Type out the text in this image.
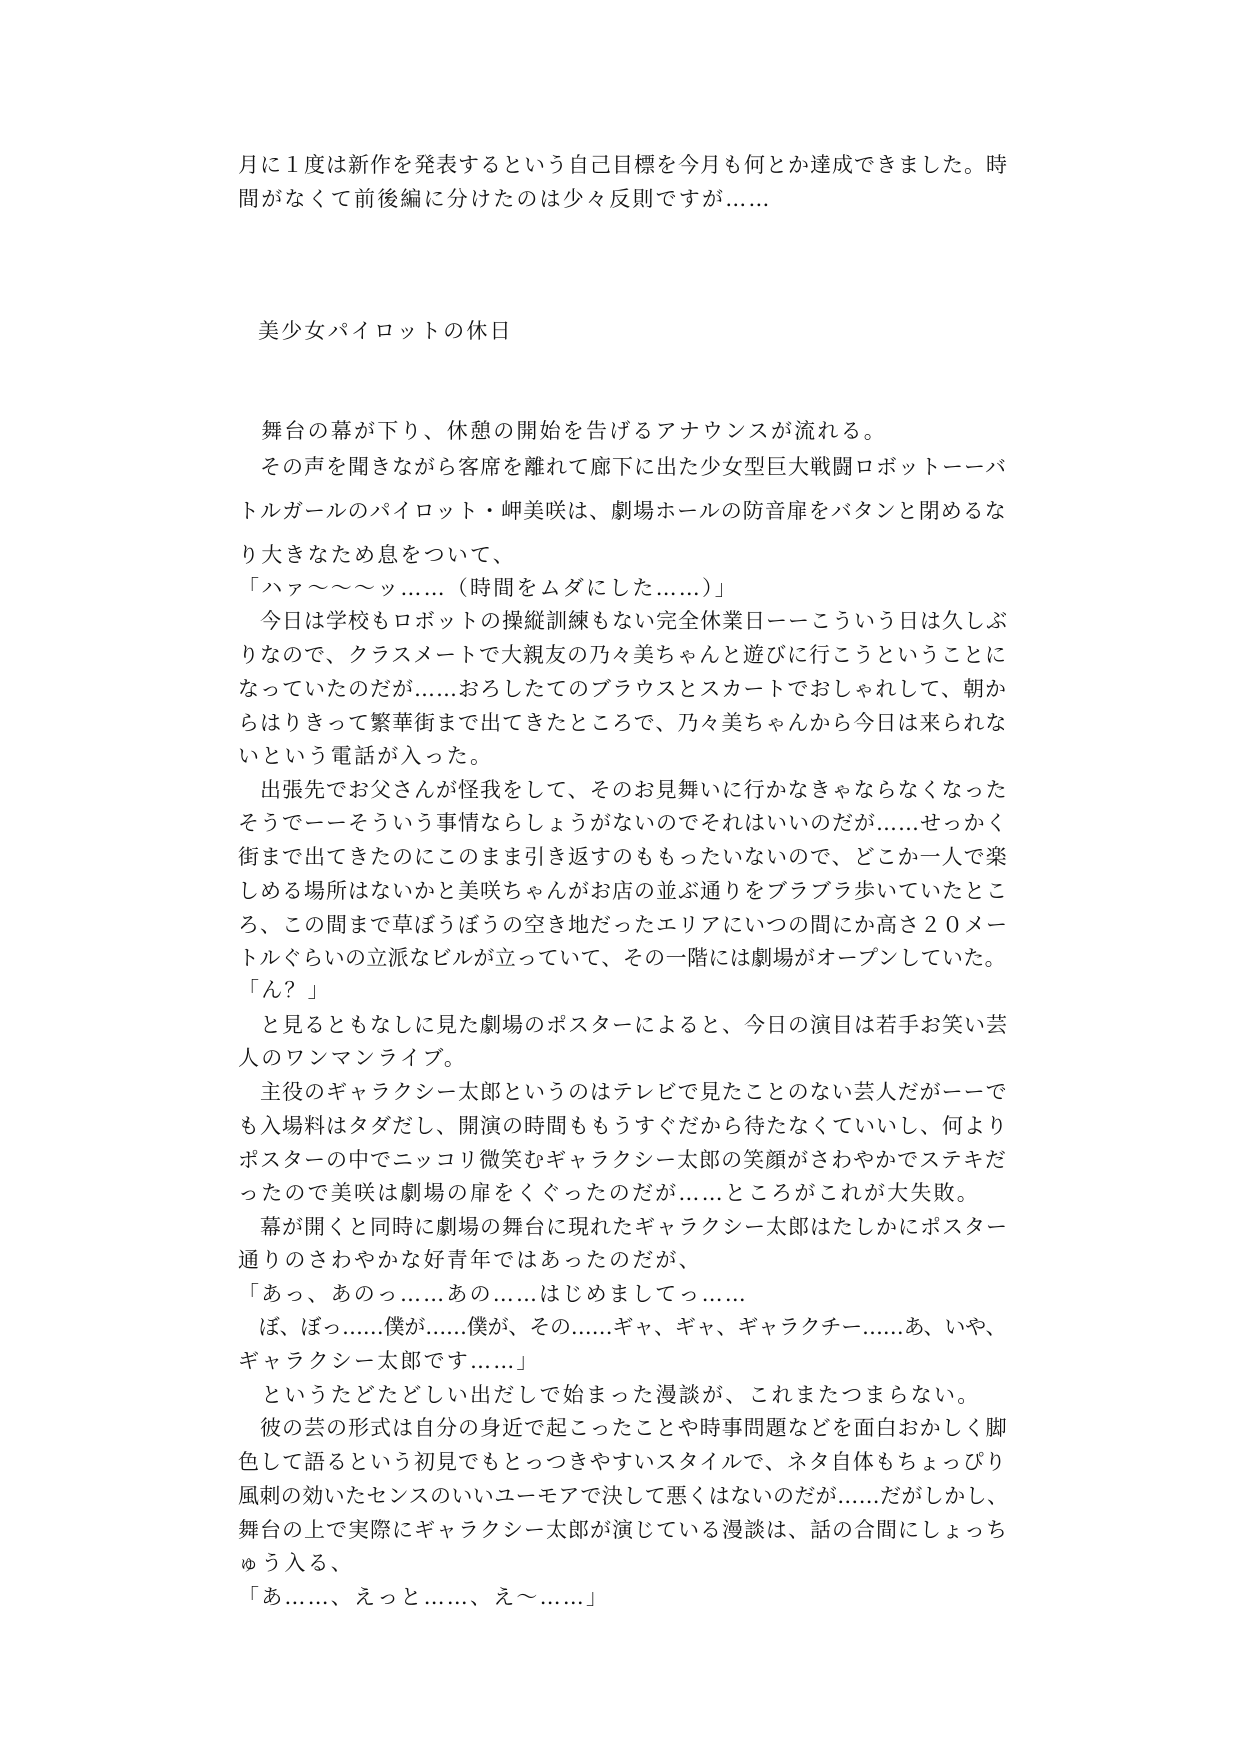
月に１度は新作を発表するという自己目標を今月も何とか達成できました。時

間がなくて前後編に分けたのは少々反則ですが……

美少女パイロットの休日

　舞台の幕が下り、休憩の開始を告げるアナウンスが流れる。

　その声を聞きながら客席を離れて廊下に出た少女型巨大戦闘ロボットーーバ

トルガールのパイロット・岬美咲は、劇場ホールの防音扉をバタンと閉めるな

り大きなため息をついて、

「ハァ〜〜〜ッ……（時間をムダにした……）」

　今日は学校もロボットの操縦訓練もない完全休業日ーーこういう日は久しぶ

りなので、クラスメートで大親友の乃々美ちゃんと遊びに行こうということに

なっていたのだが……おろしたてのブラウスとスカートでおしゃれして、朝か

らはりきって繁華街まで出てきたところで、乃々美ちゃんから今日は来られな

いという電話が入った。

　出張先でお父さんが怪我をして、そのお見舞いに行かなきゃならなくなった

そうでーーそういう事情ならしょうがないのでそれはいいのだが……せっかく

街まで出てきたのにこのまま引き返すのももったいないので、どこか一人で楽

しめる場所はないかと美咲ちゃんがお店の並ぶ通りをブラブラ歩いていたとこ

ろ、この間まで草ぼうぼうの空き地だったエリアにいつの間にか高さ２０メー

トルぐらいの立派なビルが立っていて、その一階には劇場がオープンしていた。

「ん？」

　と見るともなしに見た劇場のポスターによると、今日の演目は若手お笑い芸

人のワンマンライブ。

　主役のギャラクシー太郎というのはテレビで見たことのない芸人だがーーで

も入場料はタダだし、開演の時間ももうすぐだから待たなくていいし、何より

ポスターの中でニッコリ微笑むギャラクシー太郎の笑顔がさわやかでステキだ

ったので美咲は劇場の扉をくぐったのだが……ところがこれが大失敗。

　幕が開くと同時に劇場の舞台に現れたギャラクシー太郎はたしかにポスター

通りのさわやかな好青年ではあったのだが、

「あっ、あのっ……あの……はじめましてっ……

　ぼ、ぼっ……僕が……僕が、その……ギャ、ギャ、ギャラクチー……あ、いや、

ギャラクシー太郎です……」

　というたどたどしい出だしで始まった漫談が、これまたつまらない。

　彼の芸の形式は自分の身近で起こったことや時事問題などを面白おかしく脚

色して語るという初見でもとっつきやすいスタイルで、ネタ自体もちょっぴり

風刺の効いたセンスのいいユーモアで決して悪くはないのだが……だがしかし、

舞台の上で実際にギャラクシー太郎が演じている漫談は、話の合間にしょっち

ゅう入る、

「あ……、えっと……、え〜……」
